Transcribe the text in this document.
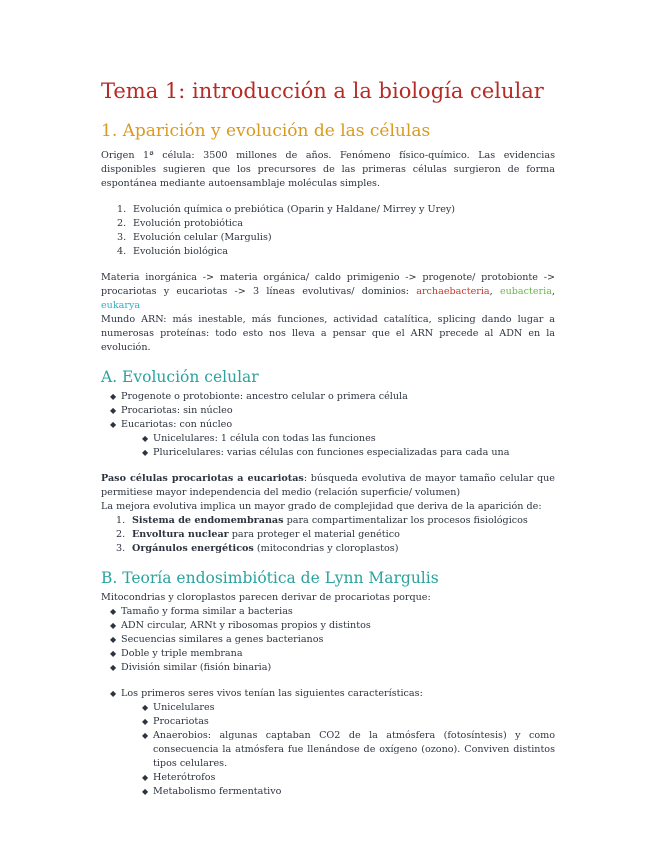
Tema 1: introducción a la biología celular
1. Aparición y evolución de las células

Origen 1ª célula: 3500 millones de años. Fenómeno físico-químico. Las evidencias disponibles sugieren que los precursores de las primeras células surgieron de forma espontánea mediante autoensamblaje moléculas simples.

1. Evolución química o prebiótica (Oparin y Haldane/ Mirrey y Urey)
2. Evolución protobiótica
3. Evolución celular (Margulis)
4. Evolución biológica

Materia inorgánica -> materia orgánica/ caldo primigenio -> progenote/ protobionte -> procariotas y eucariotas -> 3 líneas evolutivas/ dominios: archaebacteria, eubacteria, eukarya

Mundo ARN: más inestable, más funciones, actividad catalítica, splicing dando lugar a numerosas proteínas: todo esto nos lleva a pensar que el ARN precede al ADN en la evolución.

A. Evolución celular
◆ Progenote o protobionte: ancestro celular o primera célula
◆ Procariotas: sin núcleo
◆ Eucariotas: con núcleo
◆ Unicelulares: 1 célula con todas las funciones
◆ Pluricelulares: varias células con funciones especializadas para cada una

Paso células procariotas a eucariotas: búsqueda evolutiva de mayor tamaño celular que permitiese mayor independencia del medio (relación superficie/ volumen)

La mejora evolutiva implica un mayor grado de complejidad que deriva de la aparición de:

1. Sistema de endomembranas para compartimentalizar los procesos fisiológicos
2. Envoltura nuclear para proteger el material genético
3. Orgánulos energéticos (mitocondrias y cloroplastos)
B. Teoría endosimbiótica de Lynn Margulis

Mitocondrias y cloroplastos parecen derivar de procariotas porque:

◆ Tamaño y forma similar a bacterias
◆ ADN circular, ARNt y ribosomas propios y distintos
◆ Secuencias similares a genes bacterianos
◆ Doble y triple membrana
◆ División similar (fisión binaria)
◆ Los primeros seres vivos tenían las siguientes características:
◆ Unicelulares
◆ Procariotas
◆ Anaerobios: algunas captaban CO2 de la atmósfera (fotosíntesis) y como consecuencia la atmósfera fue llenándose de oxígeno (ozono). Conviven distintos tipos celulares.
◆ Heterótrofos
◆ Metabolismo fermentativo
